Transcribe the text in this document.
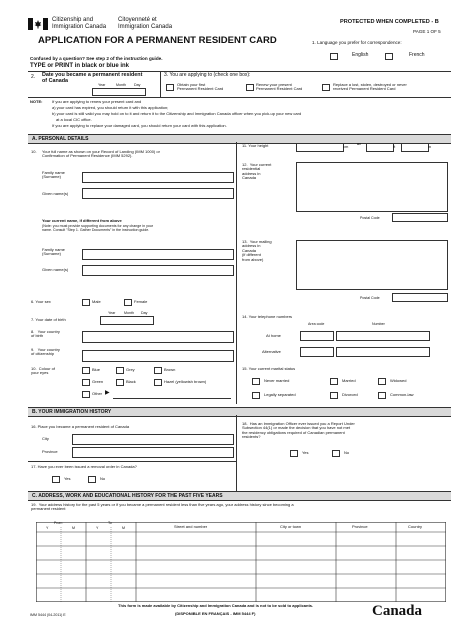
Citizenship and
Immigration Canada
Citoyenneté et
Immigration Canada
PROTECTED WHEN COMPLETED - B
PAGE 1 OF 5
APPLICATION FOR A PERMANENT RESIDENT CARD
Confused by a question? See step 2 of the instruction guide.
TYPE or PRINT in black or blue ink
1. Language you prefer for correspondence:
English	French
2. Date you became a permanent resident
of Canada
Year	Month Day
3. You are applying to (check one box):
Obtain your first
Permanent Resident Card
Renew your present
Permanent Resident Card
Replace a lost, stolen, destroyed or never
received Permanent Resident Card
NOTE: If you are applying to renew your present card and
a) your card has expired, you should return it with this application;
b) your card is still valid you may hold on to it and return it to the Citizenship and Immigration Canada officer when you pick-up your new card
at a local CIC office.
If you are applying to replace your damaged card, you should return your card with this application.
A. PERSONAL DETAILS
10. Your full name as shown on your Record of Landing (IMM 1000) or
Confirmation of Permanent Residence (IMM 5292).
Family name
(Surname)
Given name(s)
11. Your height	cm
or
ft	in
12.  Your current
residential
address in
Canada
Postal Code
Your current name, if different from above
(Note: you must provide supporting documents for any change in your
name. Consult "Step 1. Gather Documents" in the instruction guide.
Family name
(Surname)
Given name(s)
13.  Your mailing
address in
Canada
(if different
from above)
Postal Code
6. Your sex	Male	Female
7. Your date of birth
Year Month Day
14. Your telephone numbers
Area code	Number
At home
Alternative
8.   Your country
of birth
9.   Your country
of citizenship
10.  Colour of
your eyes
Blue	Grey	Brown
Green	Black	Hazel (yellowish brown)
Other ▶
15. Your current marital status
Never married	Married	Widowed
Legally separated	Divorced	Common-law
B. YOUR IMMIGRATION HISTORY
16. Place you became a permanent resident of Canada
City
Province
17. Have you ever been issued a removal order in Canada?
Yes	No
18.  Has an Immigration Officer ever issued you a Report Under
Subsection 44(1) or made the decision that you have not met
the residency obligations required of Canadian permanent
residents?
Yes	No
C. ADDRESS, WORK AND EDUCATIONAL HISTORY FOR THE PAST FIVE YEARS
19.  Your address history for the past 5 years or if you became a permanent resident less than five years ago, your address history since becoming a
permanent resident
From	To
Y	M	Y	M	Street and number	City or town	Province	Country
This form is made available by Citizenship and Immigration Canada and is not to be sold to applicants.
IMM 5444 (04-2011) E	(DISPONIBLE EN FRANÇAIS - IMM 5444 F)	Canada
